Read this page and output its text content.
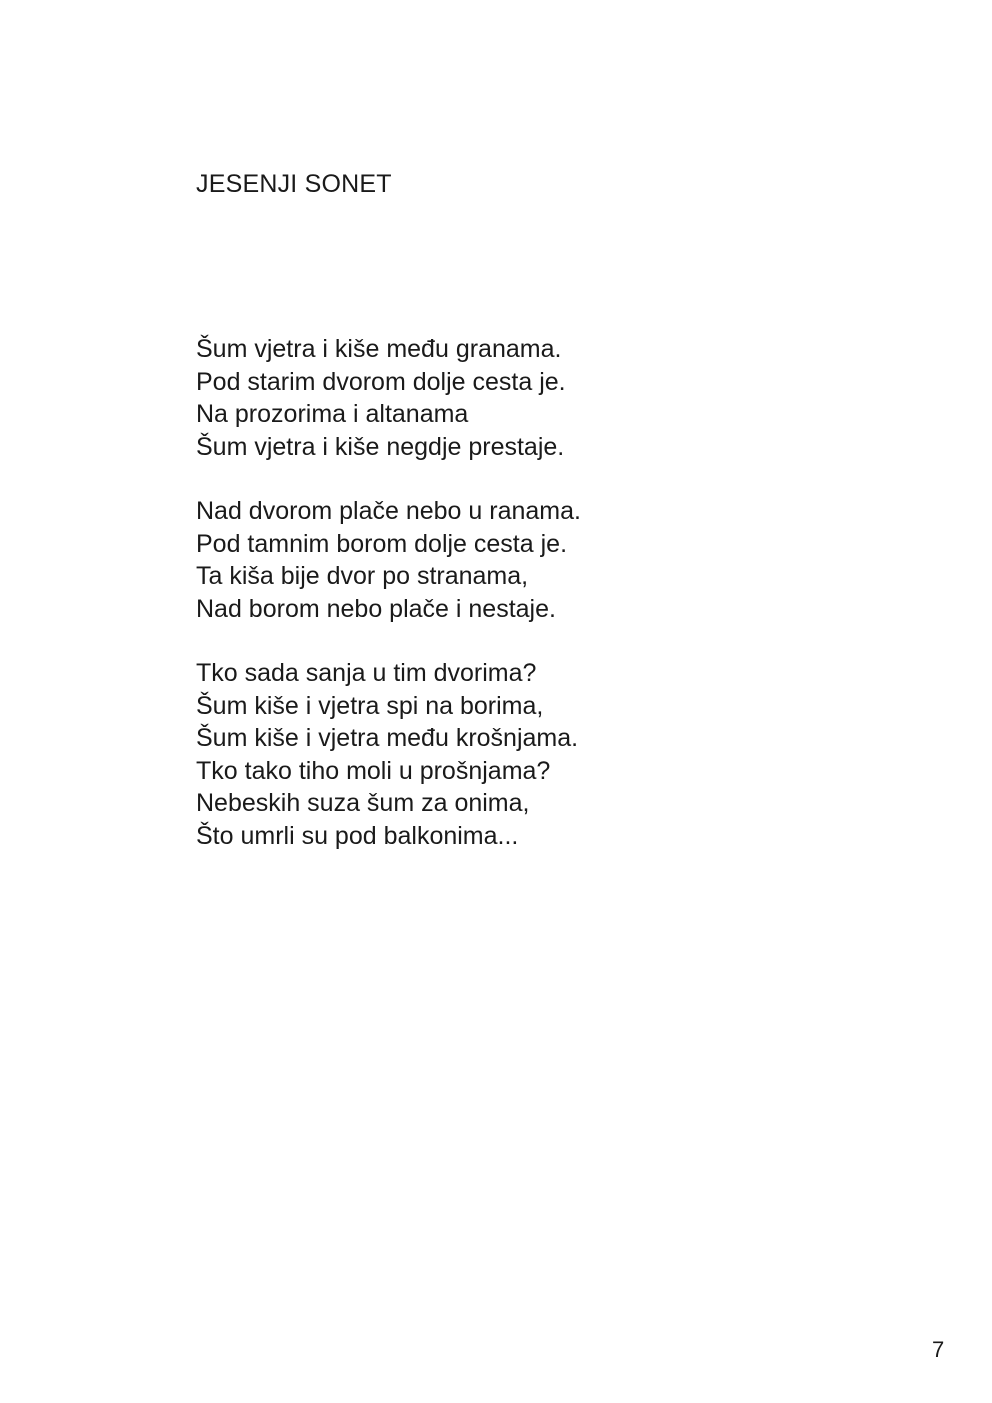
JESENJI SONET
Šum vjetra i kiše među granama.
Pod starim dvorom dolje cesta je.
Na prozorima i altanama
Šum vjetra i kiše negdje prestaje.
Nad dvorom plače nebo u ranama.
Pod tamnim borom dolje cesta je.
Ta kiša bije dvor po stranama,
Nad borom nebo plače i nestaje.
Tko sada sanja u tim dvorima?
Šum kiše i vjetra spi na borima,
Šum kiše i vjetra među krošnjama.
Tko tako tiho moli u prošnjama?
Nebeskih suza šum za onima,
Što umrli su pod balkonima...
7
